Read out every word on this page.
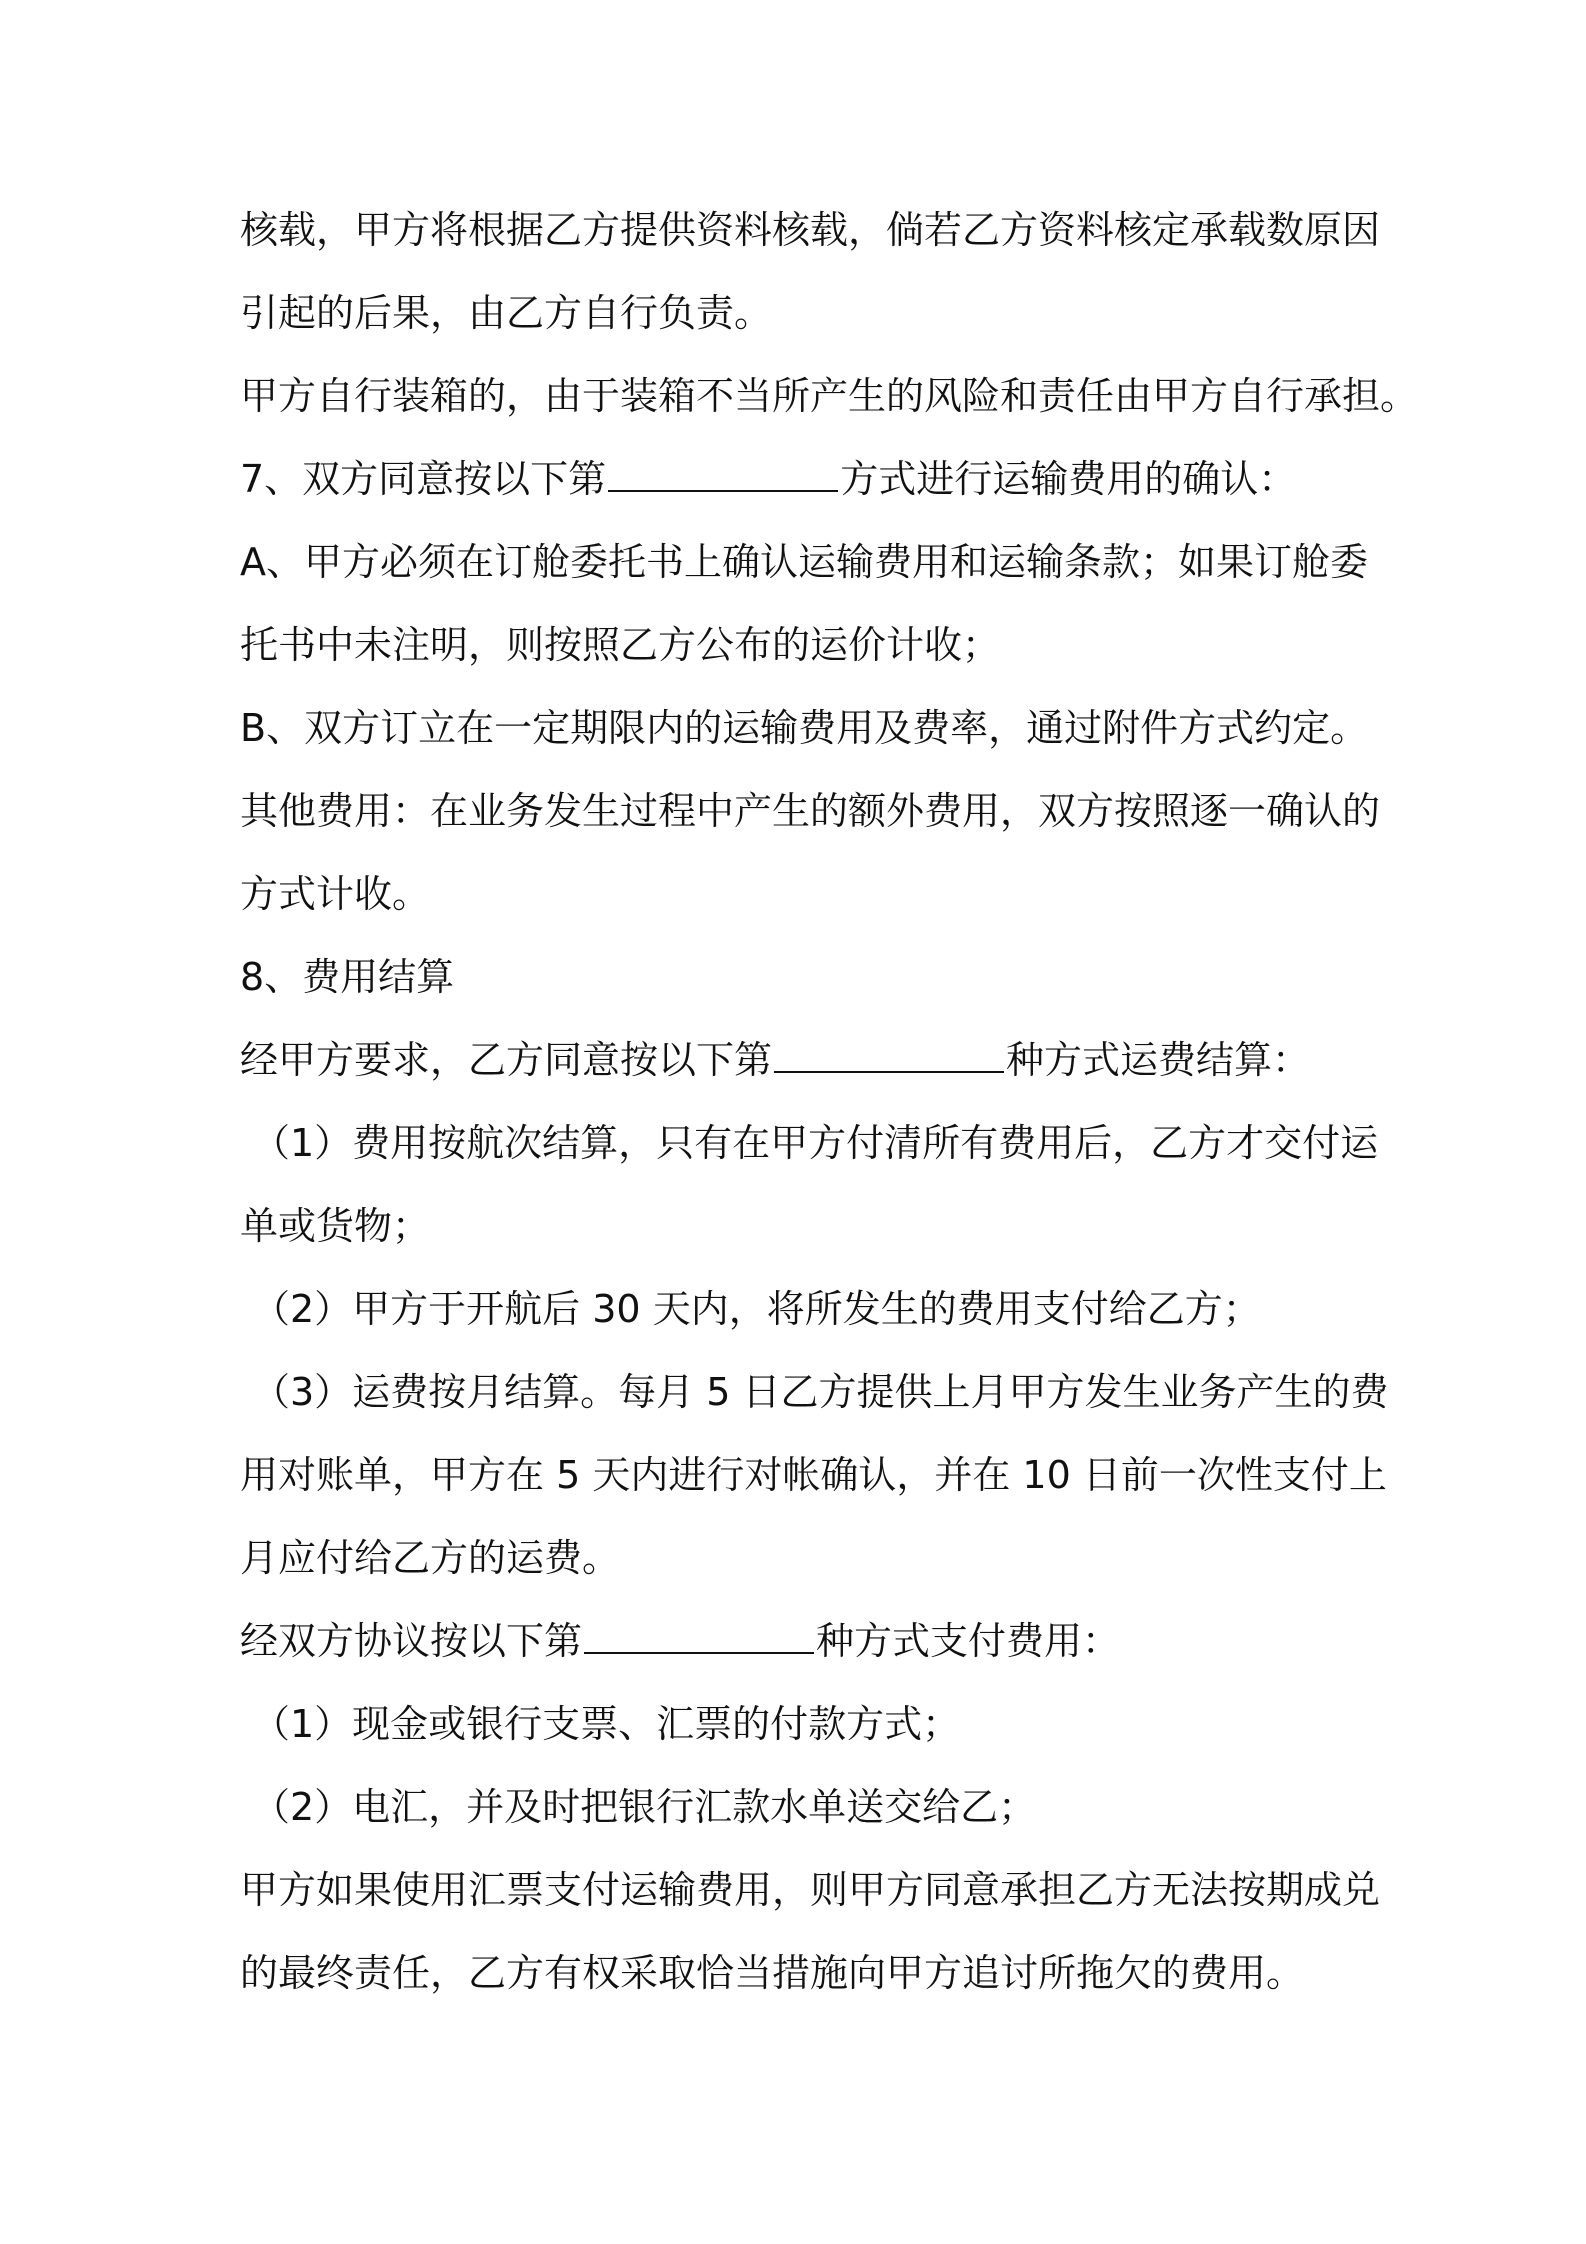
核载，甲方将根据乙方提供资料核载，倘若乙方资料核定承载数原因
引起的后果，由乙方自行负责。
甲方自行装箱的，由于装箱不当所产生的风险和责任由甲方自行承担。
7、双方同意按以下第	方式进行运输费用的确认：
A、甲方必须在订舱委托书上确认运输费用和运输条款；如果订舱委
托书中未注明，则按照乙方公布的运价计收；
B、双方订立在一定期限内的运输费用及费率，通过附件方式约定。
其他费用：在业务发生过程中产生的额外费用，双方按照逐一确认的
方式计收。
8、费用结算
经甲方要求，乙方同意按以下第	种方式运费结算：
（1）费用按航次结算，只有在甲方付清所有费用后，乙方才交付运
单或货物；
（2）甲方于开航后 30 天内，将所发生的费用支付给乙方；
（3）运费按月结算。每月 5 日乙方提供上月甲方发生业务产生的费
用对账单，甲方在 5 天内进行对帐确认，并在 10 日前一次性支付上
月应付给乙方的运费。
经双方协议按以下第	种方式支付费用：
（1）现金或银行支票、汇票的付款方式；
（2）电汇，并及时把银行汇款水单送交给乙；
甲方如果使用汇票支付运输费用，则甲方同意承担乙方无法按期成兑
的最终责任，乙方有权采取恰当措施向甲方追讨所拖欠的费用。
